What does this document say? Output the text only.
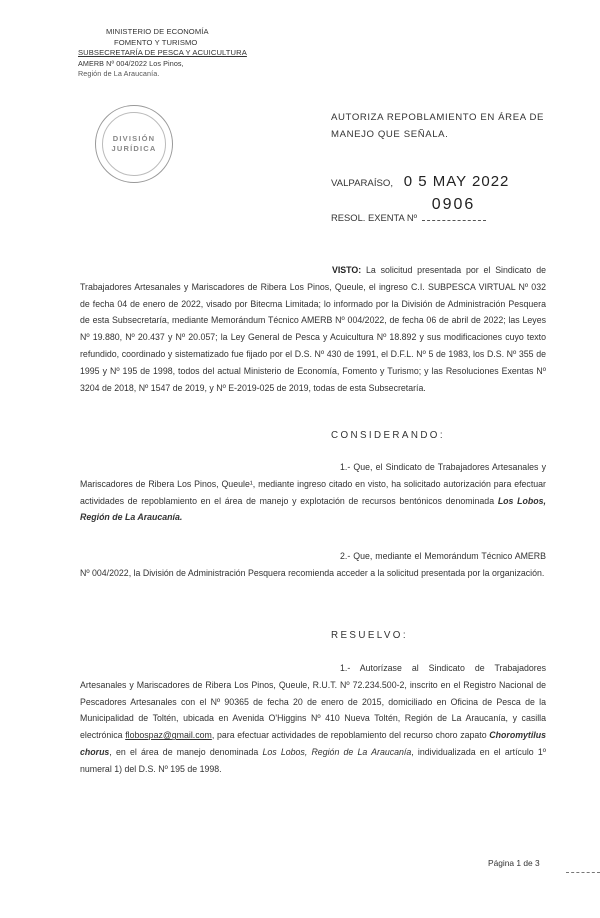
MINISTERIO DE ECONOMÍA
FOMENTO Y TURISMO
SUBSECRETARÍA DE PESCA Y ACUICULTURA
AMERB Nº 004/2022 Los Pinos,
Región de La Araucanía.
DIVISIÓN
JURÍDICA
AUTORIZA REPOBLAMIENTO EN ÁREA DE MANEJO QUE SEÑALA.
VALPARAÍSO, 0 5 MAY 2022
RESOL. EXENTA Nº
0906
VISTO: La solicitud presentada por el Sindicato de Trabajadores Artesanales y Mariscadores de Ribera Los Pinos, Queule, el ingreso C.I. SUBPESCA VIRTUAL Nº 032 de fecha 04 de enero de 2022, visado por Bitecma Limitada; lo informado por la División de Administración Pesquera de esta Subsecretaría, mediante Memorándum Técnico AMERB Nº 004/2022, de fecha 06 de abril de 2022; las Leyes Nº 19.880, Nº 20.437 y Nº 20.057; la Ley General de Pesca y Acuicultura Nº 18.892 y sus modificaciones cuyo texto refundido, coordinado y sistematizado fue fijado por el D.S. Nº 430 de 1991, el D.F.L. Nº 5 de 1983, los D.S. Nº 355 de 1995 y Nº 195 de 1998, todos del actual Ministerio de Economía, Fomento y Turismo; y las Resoluciones Exentas Nº 3204 de 2018, Nº 1547 de 2019, y Nº E-2019-025 de 2019, todas de esta Subsecretaría.
CONSIDERANDO:
1.- Que, el Sindicato de Trabajadores Artesanales y Mariscadores de Ribera Los Pinos, Queule¹, mediante ingreso citado en visto, ha solicitado autorización para efectuar actividades de repoblamiento en el área de manejo y explotación de recursos bentónicos denominada Los Lobos, Región de La Araucanía.
2.- Que, mediante el Memorándum Técnico AMERB Nº 004/2022, la División de Administración Pesquera recomienda acceder a la solicitud presentada por la organización.
RESUELVO:
1.- Autorízase al Sindicato de Trabajadores Artesanales y Mariscadores de Ribera Los Pinos, Queule, R.U.T. Nº 72.234.500-2, inscrito en el Registro Nacional de Pescadores Artesanales con el Nº 90365 de fecha 20 de enero de 2015, domiciliado en Oficina de Pesca de la Municipalidad de Toltén, ubicada en Avenida O'Higgins Nº 410 Nueva Toltén, Región de La Araucanía, y casilla electrónica flobospaz@gmail.com, para efectuar actividades de repoblamiento del recurso choro zapato Choromytilus chorus, en el área de manejo denominada Los Lobos, Región de La Araucanía, individualizada en el artículo 1º numeral 1) del D.S. Nº 195 de 1998.
Página 1 de 3
